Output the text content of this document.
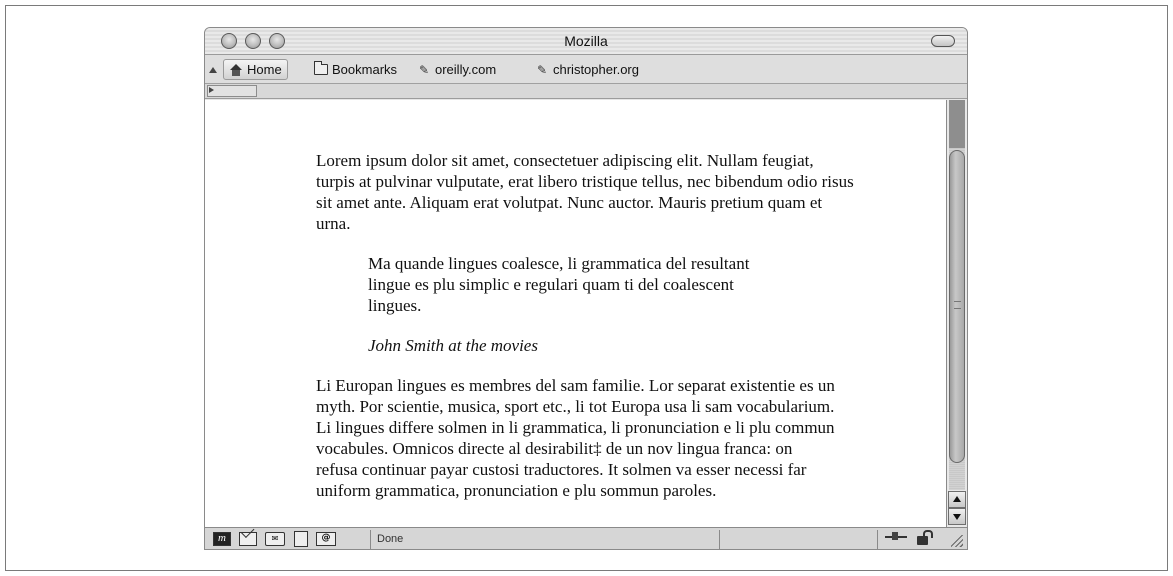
Mozilla
Home	Bookmarks ✎ oreilly.com	✎ christopher.org

Lorem ipsum dolor sit amet, consectetuer adipiscing elit. Nullam feugiat, turpis at pulvinar vulputate, erat libero tristique tellus, nec bibendum odio risus sit amet ante. Aliquam erat volutpat. Nunc auctor. Mauris pretium quam et urna.

Ma quande lingues coalesce, li grammatica del resultant lingue es plu simplic e regulari quam ti del coalescent lingues.

John Smith at the movies

Li Europan lingues es membres del sam familie. Lor separat existentie es un myth. Por scientie, musica, sport etc., li tot Europa usa li sam vocabularium. Li lingues differe solmen in li grammatica, li pronunciation e li plu commun vocabules. Omnicos directe al desirabilit‡ de un nov lingua franca: on refusa continuar payar custosi traductores. It solmen va esser necessi far uniform grammatica, pronunciation e plu sommun paroles.

m	✉	@	Done
